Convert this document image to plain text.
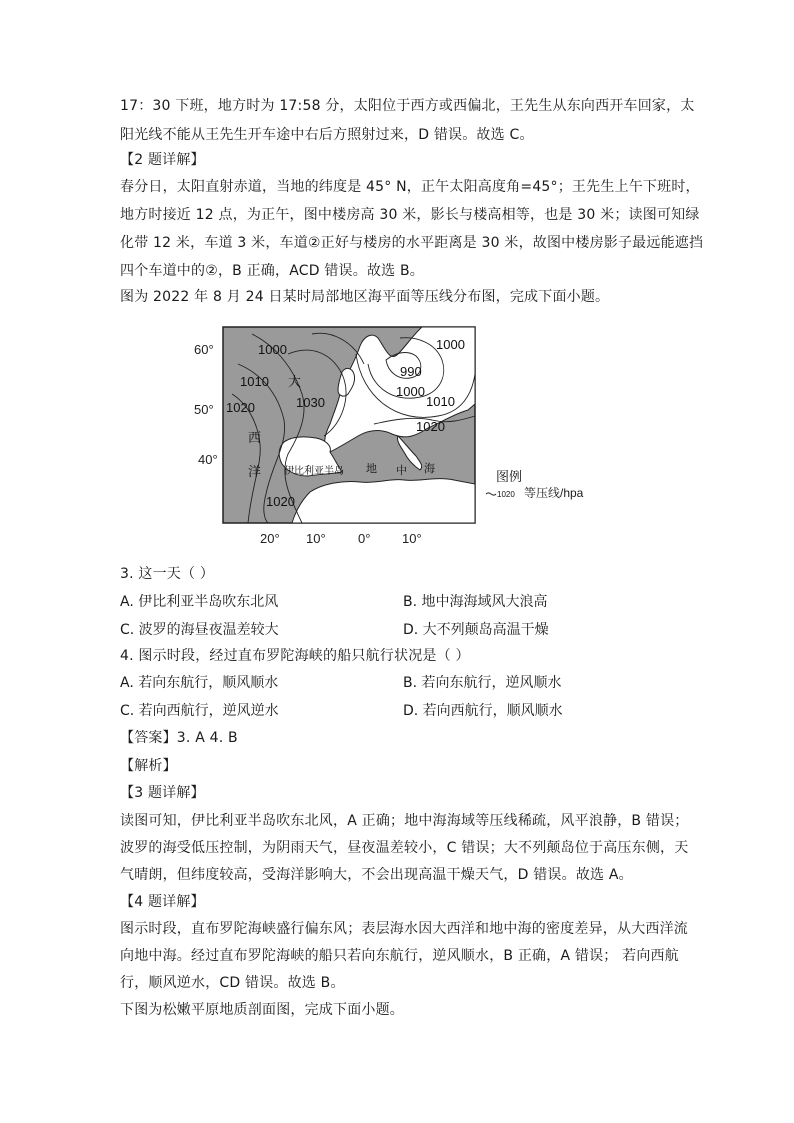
17：30 下班，地方时为 17:58 分，太阳位于西方或西偏北，王先生从东向西开车回家，太
阳光线不能从王先生开车途中右后方照射过来，D 错误。故选 C。
【2 题详解】
春分日，太阳直射赤道，当地的纬度是 45° N，正午太阳高度角=45°；王先生上午下班时，
地方时接近 12 点，为正午，图中楼房高 30 米，影长与楼高相等，也是 30 米；读图可知绿
化带 12 米，车道 3 米，车道②正好与楼房的水平距离是 30 米，故图中楼房影子最远能遮挡
四个车道中的②，B 正确，ACD 错误。故选 B。
图为 2022 年 8 月 24 日某时局部地区海平面等压线分布图，完成下面小题。
60°
50°
40°
20° 10° 0° 10°
1000
1010
1020	1030
990
1000
1000
1010
1020
1020
大
西
洋 伊比利亚半岛 地 中 海
图例
1020 等压线/hpa
3. 这一天（ ）
A. 伊比利亚半岛吹东北风	B. 地中海海域风大浪高
C. 波罗的海昼夜温差较大	D. 大不列颠岛高温干燥
4. 图示时段，经过直布罗陀海峡的船只航行状况是（ ）
A. 若向东航行，顺风顺水	B. 若向东航行，逆风顺水
C. 若向西航行，逆风逆水	D. 若向西航行，顺风顺水
【答案】3. A 4. B
【解析】
【3 题详解】
读图可知，伊比利亚半岛吹东北风，A 正确；地中海海域等压线稀疏，风平浪静，B 错误；
波罗的海受低压控制，为阴雨天气，昼夜温差较小，C 错误；大不列颠岛位于高压东侧，天
气晴朗，但纬度较高，受海洋影响大，不会出现高温干燥天气，D 错误。故选 A。
【4 题详解】
图示时段，直布罗陀海峡盛行偏东风；表层海水因大西洋和地中海的密度差异，从大西洋流
向地中海。经过直布罗陀海峡的船只若向东航行，逆风顺水，B 正确，A 错误； 若向西航
行，顺风逆水，CD 错误。故选 B。
下图为松嫩平原地质剖面图，完成下面小题。
